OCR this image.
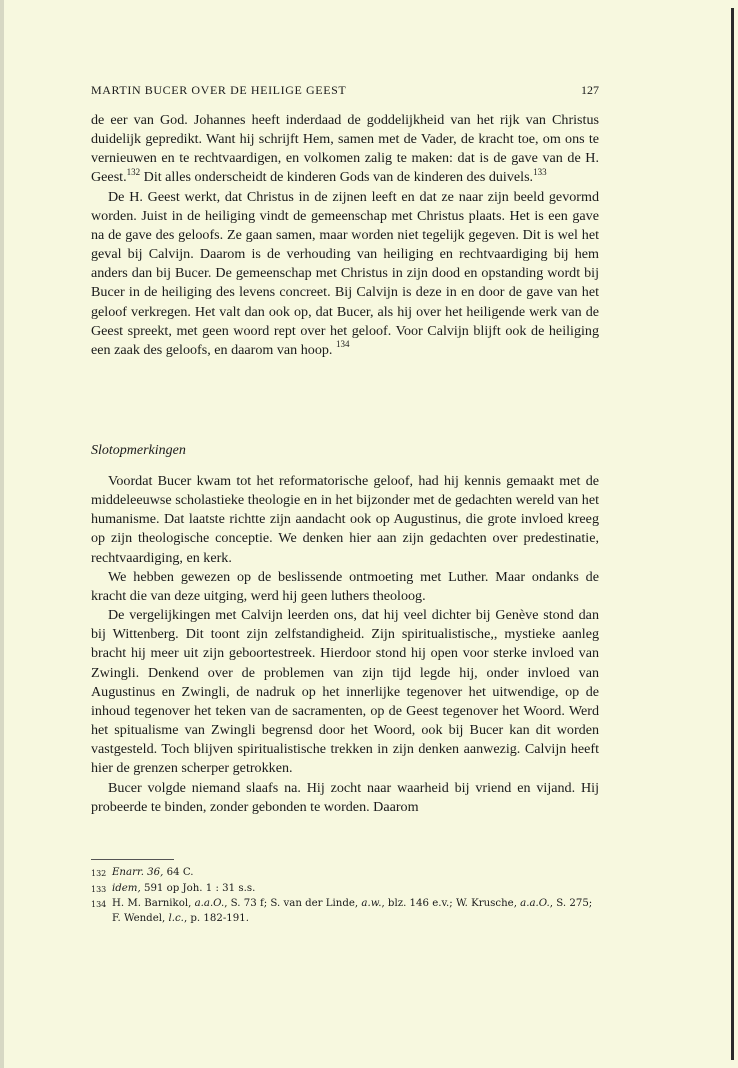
MARTIN BUCER OVER DE HEILIGE GEEST	127

de eer van God. Johannes heeft inderdaad de goddelijkheid van het rijk van Christus duidelijk gepredikt. Want hij schrijft Hem, samen met de Vader, de kracht toe, om ons te vernieuwen en te rechtvaardigen, en volkomen zalig te maken: dat is de gave van de H. Geest.$^{132}$ Dit alles onderscheidt de kinderen Gods van de kinderen des duivels.$^{133}$

De H. Geest werkt, dat Christus in de zijnen leeft en dat ze naar zijn beeld gevormd worden. Juist in de heiliging vindt de gemeenschap met Christus plaats. Het is een gave na de gave des geloofs. Ze gaan samen, maar worden niet tegelijk gegeven. Dit is wel het geval bij Calvijn. Daarom is de verhouding van heiliging en rechtvaardiging bij hem anders dan bij Bucer. De gemeenschap met Christus in zijn dood en opstanding wordt bij Bucer in de heiliging des levens concreet. Bij Calvijn is deze in en door de gave van het geloof verkregen. Het valt dan ook op, dat Bucer, als hij over het heiligende werk van de Geest spreekt, met geen woord rept over het geloof. Voor Calvijn blijft ook de heiliging een zaak des geloofs, en daarom van hoop. $^{134}$

Slotopmerkingen

Voordat Bucer kwam tot het reformatorische geloof, had hij kennis gemaakt met de middeleeuwse scholastieke theologie en in het bijzonder met de gedachten wereld van het humanisme. Dat laatste richtte zijn aandacht ook op Augustinus, die grote invloed kreeg op zijn theologische conceptie. We denken hier aan zijn gedachten over predestinatie, rechtvaardiging, en kerk.

We hebben gewezen op de beslissende ontmoeting met Luther. Maar ondanks de kracht die van deze uitging, werd hij geen luthers theoloog.

De vergelijkingen met Calvijn leerden ons, dat hij veel dichter bij Genève stond dan bij Wittenberg. Dit toont zijn zelfstandigheid. Zijn spiritualistische,, mystieke aanleg bracht hij meer uit zijn geboortestreek. Hierdoor stond hij open voor sterke invloed van Zwingli. Denkend over de problemen van zijn tijd legde hij, onder invloed van Augustinus en Zwingli, de nadruk op het innerlijke tegenover het uitwendige, op de inhoud tegenover het teken van de sacramenten, op de Geest tegenover het Woord. Werd het spitualisme van Zwingli begrensd door het Woord, ook bij Bucer kan dit worden vastgesteld. Toch blijven spiritualistische trekken in zijn denken aanwezig. Calvijn heeft hier de grenzen scherper getrokken.

Bucer volgde niemand slaafs na. Hij zocht naar waarheid bij vriend en vijand. Hij probeerde te binden, zonder gebonden te worden. Daarom

132 Enarr. 36, 64 C.
133 idem, 591 op Joh. 1 : 31 s.s.
134 H. M. Barnikol, a.a.O., S. 73 f; S. van der Linde, a.w., blz. 146 e.v.; W. Krusche, a.a.O., S. 275; F. Wendel, l.c., p. 182-191.
